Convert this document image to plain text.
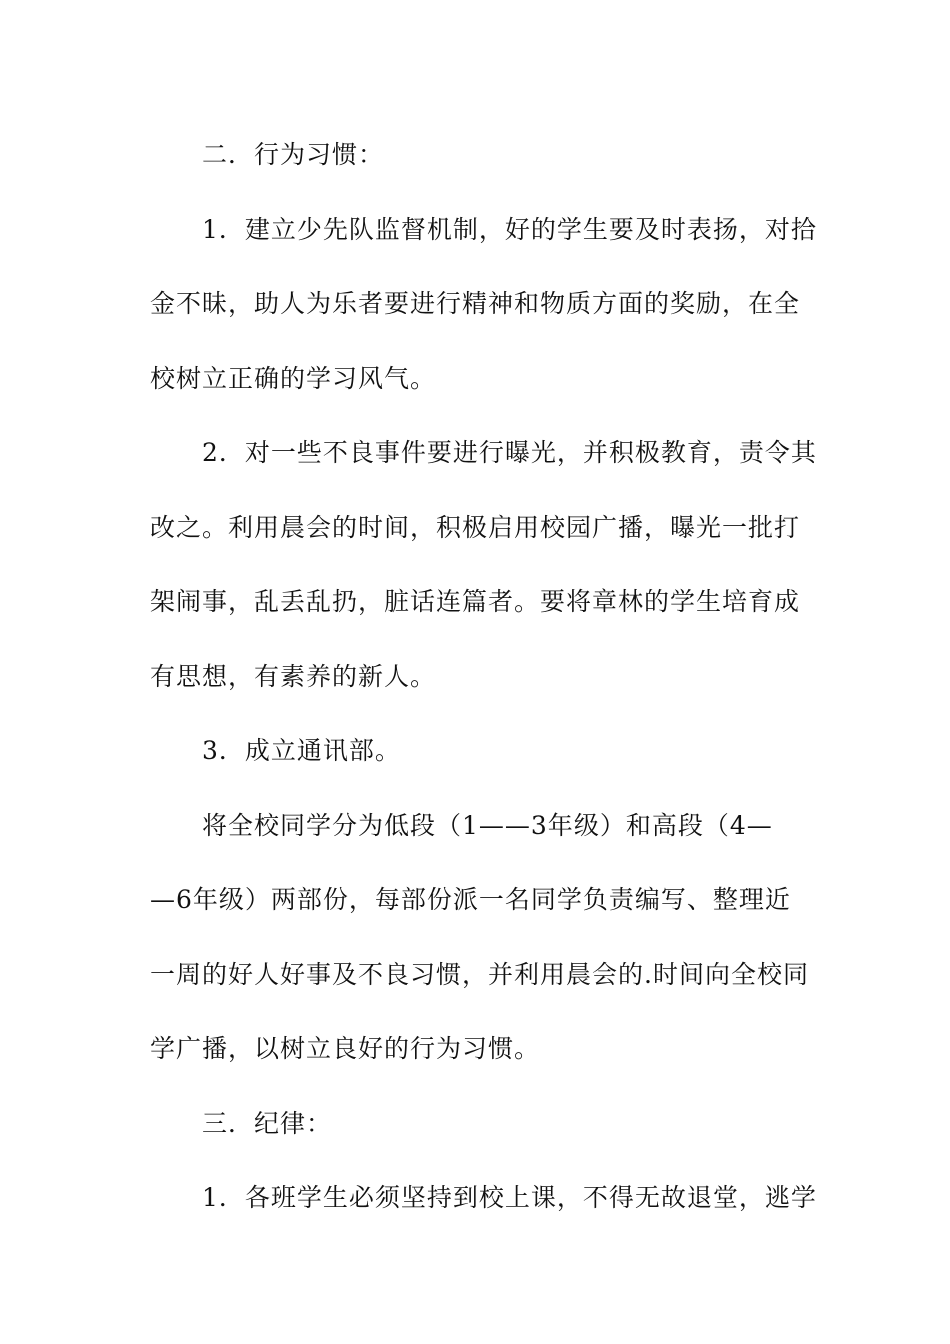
二．行为习惯：
1．建立少先队监督机制，好的学生要及时表扬，对拾
金不昧，助人为乐者要进行精神和物质方面的奖励，在全
校树立正确的学习风气。
2．对一些不良事件要进行曝光，并积极教育，责令其
改之。利用晨会的时间，积极启用校园广播，曝光一批打
架闹事，乱丢乱扔，脏话连篇者。要将章林的学生培育成
有思想，有素养的新人。
3．成立通讯部。
将全校同学分为低段（1——3年级）和高段（4—
—6年级）两部份，每部份派一名同学负责编写、整理近
一周的好人好事及不良习惯，并利用晨会的.时间向全校同
学广播，以树立良好的行为习惯。
三．纪律：
1．各班学生必须坚持到校上课，不得无故退堂，逃学
